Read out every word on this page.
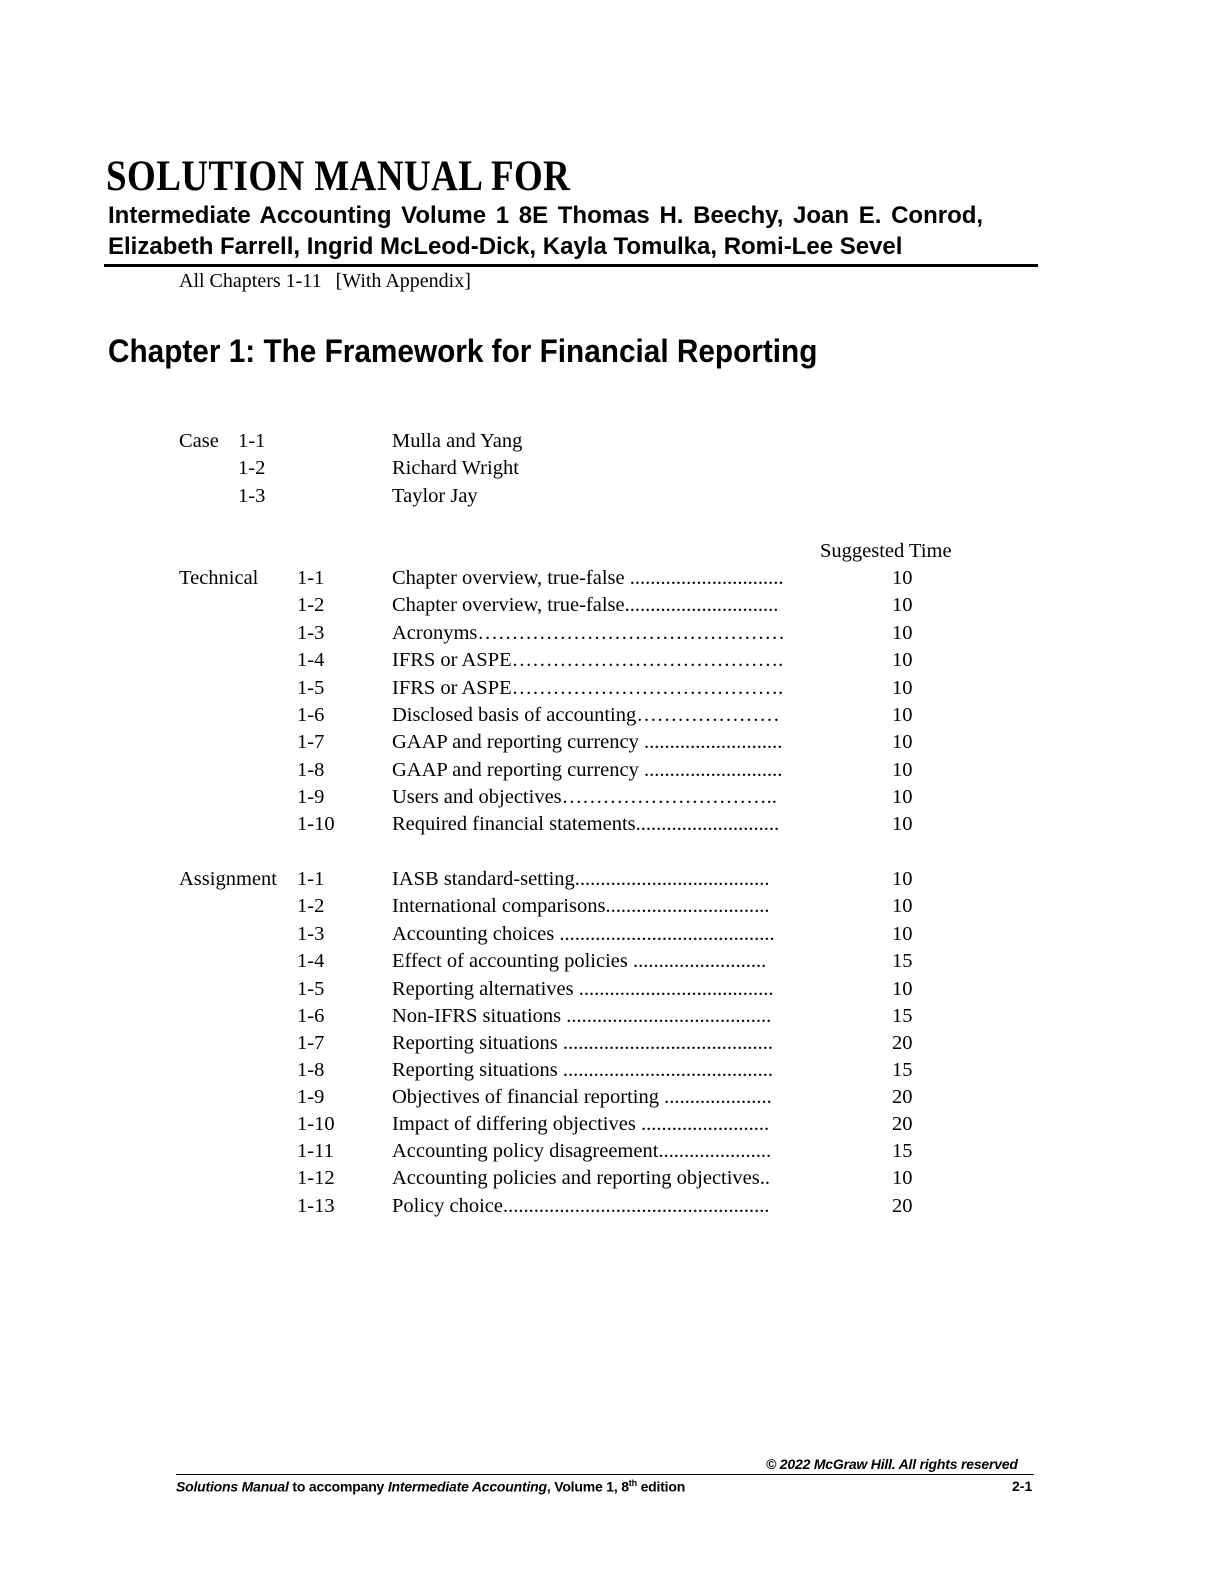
SOLUTION MANUAL FOR
Intermediate Accounting Volume 1 8E Thomas H. Beechy, Joan E. Conrod,
Elizabeth Farrell, Ingrid McLeod-Dick, Kayla Tomulka, Romi-Lee Sevel
All Chapters 1-11 [With Appendix]
Chapter 1: The Framework for Financial Reporting
Case 1-1	Mulla and Yang
1-2	Richard Wright
1-3	Taylor Jay
Suggested Time
Technical 1-1	Chapter overview, true-false ..............................	10
1-2	Chapter overview, true-false..............................	10
1-3	Acronyms………………………………………	10
1-4	IFRS or ASPE………………………………….	10
1-5	IFRS or ASPE………………………………….	10
1-6	Disclosed basis of accounting…………………	10
1-7	GAAP and reporting currency ...........................	10
1-8	GAAP and reporting currency ...........................	10
1-9	Users and objectives…………………………..	10
1-10	Required financial statements............................	10
Assignment 1-1	IASB standard-setting......................................	10
1-2	International comparisons................................	10
1-3	Accounting choices ..........................................	10
1-4	Effect of accounting policies ..........................	15
1-5	Reporting alternatives ......................................	10
1-6	Non-IFRS situations ........................................	15
1-7	Reporting situations .........................................	20
1-8	Reporting situations .........................................	15
1-9	Objectives of financial reporting .....................	20
1-10	Impact of differing objectives .........................	20
1-11	Accounting policy disagreement......................	15
1-12	Accounting policies and reporting objectives..	10
1-13	Policy choice....................................................	20
© 2022 McGraw Hill. All rights reserved
Solutions Manual to accompany Intermediate Accounting, Volume 1, 8th edition	2-1
